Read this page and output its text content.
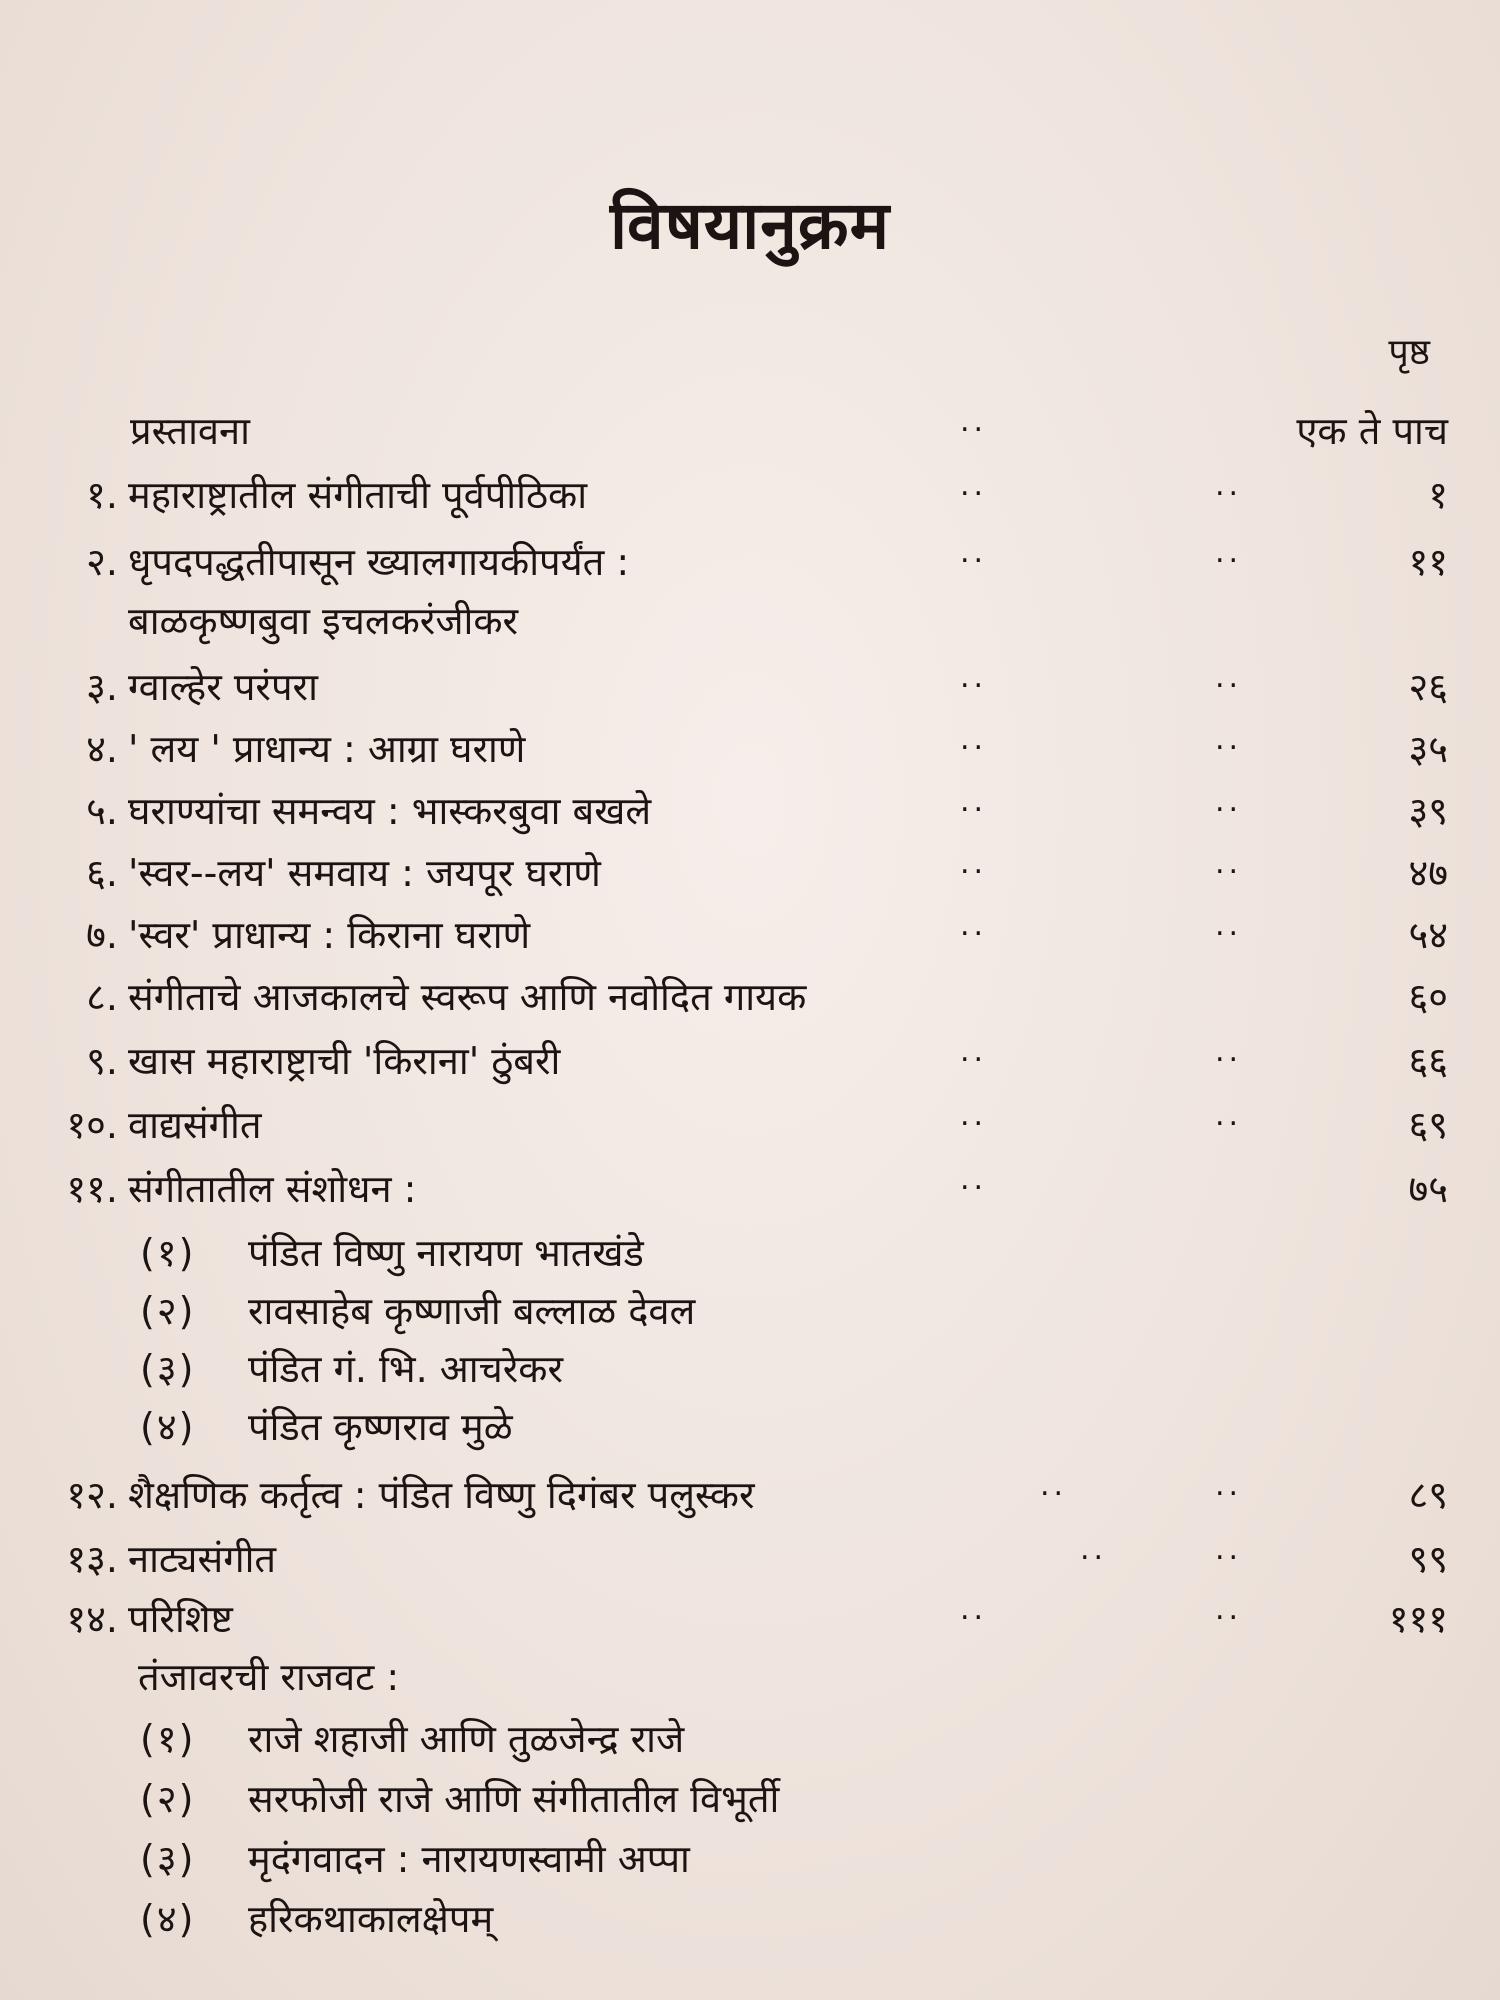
विषयानुक्रम
पृष्ठ
प्रस्तावना	..	एक ते पाच
१. महाराष्ट्रातील संगीताची पूर्वपीठिका	..	..	१
२. धृपदपद्धतीपासून ख्यालगायकीपर्यंत :	..	..	११
बाळकृष्णबुवा इचलकरंजीकर
३. ग्वाल्हेर परंपरा	..	..	२६
४. ' लय ' प्राधान्य : आग्रा घराणे	..	..	३५
५. घराण्यांचा समन्वय : भास्करबुवा बखले	..	..	३९
६. 'स्वर--लय' समवाय : जयपूर घराणे	..	..	४७
७. 'स्वर' प्राधान्य : किराना घराणे	..	..	५४
८. संगीताचे आजकालचे स्वरूप आणि नवोदित गायक	६०
९. खास महाराष्ट्राची 'किराना' ठुंबरी	..	..	६६
१०. वाद्यसंगीत	..	..	६९
११. संगीतातील संशोधन :	..	७५
(१) पंडित विष्णु नारायण भातखंडे
(२) रावसाहेब कृष्णाजी बल्लाळ देवल
(३) पंडित गं. भि. आचरेकर
(४) पंडित कृष्णराव मुळे
१२. शैक्षणिक कर्तृत्व : पंडित विष्णु दिगंबर पलुस्कर	..	..	८९
१३. नाट्यसंगीत	..	..	९९
१४. परिशिष्ट	..	..	१११
तंजावरची राजवट :
(१) राजे शहाजी आणि तुळजेन्द्र राजे
(२) सरफोजी राजे आणि संगीतातील विभूर्ती
(३) मृदंगवादन : नारायणस्वामी अप्पा
(४) हरिकथाकालक्षेपम्
